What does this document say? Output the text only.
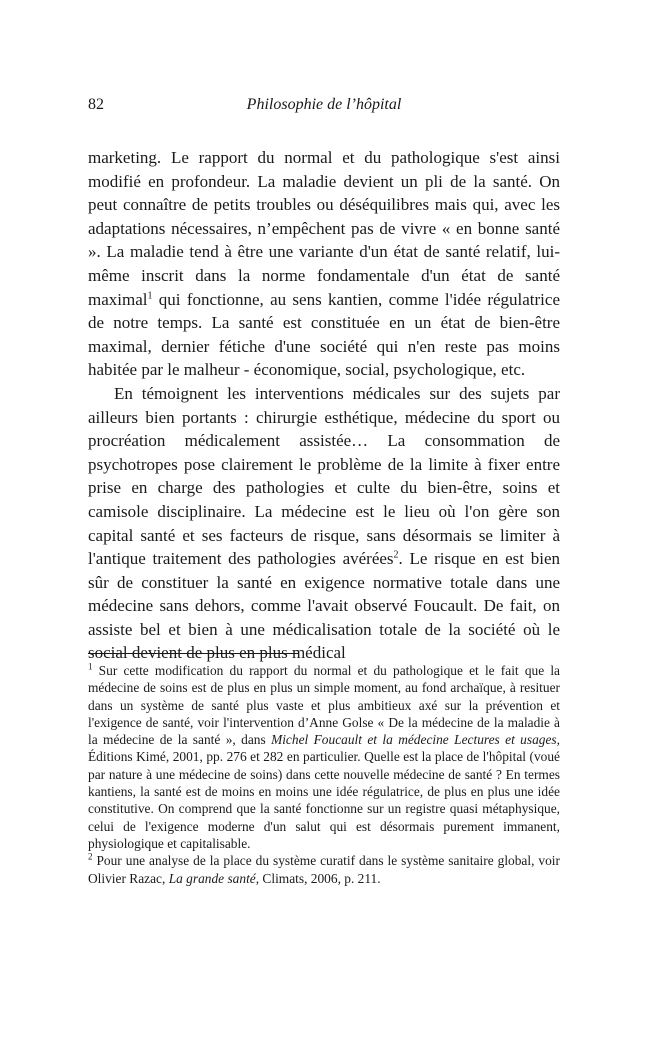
82	Philosophie de l’hôpital

marketing. Le rapport du normal et du pathologique s'est ainsi modifié en profondeur. La maladie devient un pli de la santé. On peut connaître de petits troubles ou déséquilibres mais qui, avec les adaptations nécessaires, n’empêchent pas de vivre « en bonne santé ». La maladie tend à être une variante d'un état de santé relatif, lui-même inscrit dans la norme fondamentale d'un état de santé maximal$^1$ qui fonctionne, au sens kantien, comme l'idée régulatrice de notre temps. La santé est constituée en un état de bien-être maximal, dernier fétiche d'une société qui n'en reste pas moins habitée par le malheur - économique, social, psychologique, etc.

En témoignent les interventions médicales sur des sujets par ailleurs bien portants : chirurgie esthétique, médecine du sport ou procréation médicalement assistée… La consommation de psychotropes pose clairement le problème de la limite à fixer entre prise en charge des pathologies et culte du bien-être, soins et camisole disciplinaire. La médecine est le lieu où l'on gère son capital santé et ses facteurs de risque, sans désormais se limiter à l'antique traitement des pathologies avérées$^2$. Le risque en est bien sûr de constituer la santé en exigence normative totale dans une médecine sans dehors, comme l'avait observé Foucault. De fait, on assiste bel et bien à une médicalisation totale de la société où le social devient de plus en plus médical

$^1$ Sur cette modification du rapport du normal et du pathologique et le fait que la médecine de soins est de plus en plus un simple moment, au fond archaïque, à resituer dans un système de santé plus vaste et plus ambitieux axé sur la prévention et l'exigence de santé, voir l'intervention d’Anne Golse « De la médecine de la maladie à la médecine de la santé », dans Michel Foucault et la médecine Lectures et usages, Éditions Kimé, 2001, pp. 276 et 282 en particulier. Quelle est la place de l'hôpital (voué par nature à une médecine de soins) dans cette nouvelle médecine de santé ? En termes kantiens, la santé est de moins en moins une idée régulatrice, de plus en plus une idée constitutive. On comprend que la santé fonctionne sur un registre quasi métaphysique, celui de l'exigence moderne d'un salut qui est désormais purement immanent, physiologique et capitalisable.

$^2$ Pour une analyse de la place du système curatif dans le système sanitaire global, voir Olivier Razac, La grande santé, Climats, 2006, p. 211.
